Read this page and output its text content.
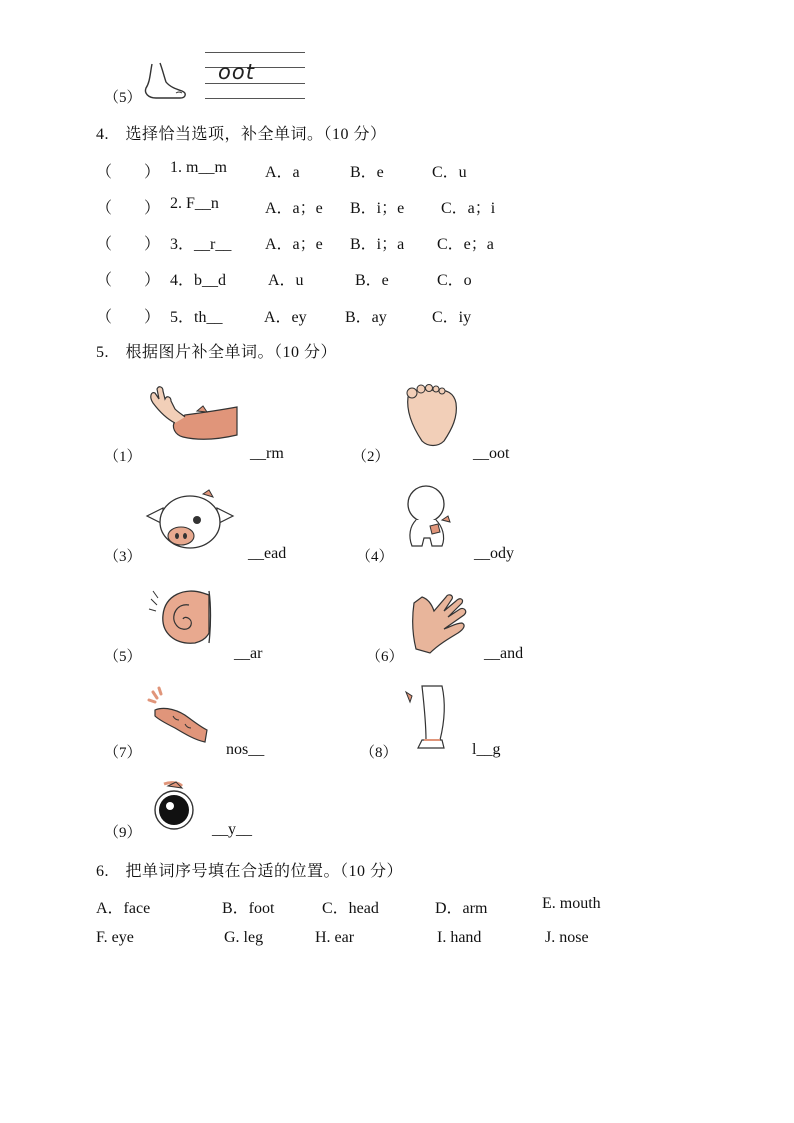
（5）
oot
4.　选择恰当选项，补全单词。（10 分）
（　　） 1. m__m A．a	B．e	C．u
（　　） 2. F__n	A．a；e B．i；e C．a；i
（　　） 3．__r__ A．a；e B．i；a C．e；a
（　　） 4．b__d	A．u	B．e	C．o
（　　） 5．th__	A．ey B．ay	C．iy
5.　根据图片补全单词。（10 分）
（1）	__rm	（2）	__oot
（3）	__ead	（4）	__ody
（5）	__ar	（6）	__and
（7）	nos__	（8）	l__g
（9）	__y__
6.　把单词序号填在合适的位置。（10 分）
A．face	B．foot	C．head	D．arm	E. mouth
F. eye	G. leg	H. ear	I. hand	J. nose
